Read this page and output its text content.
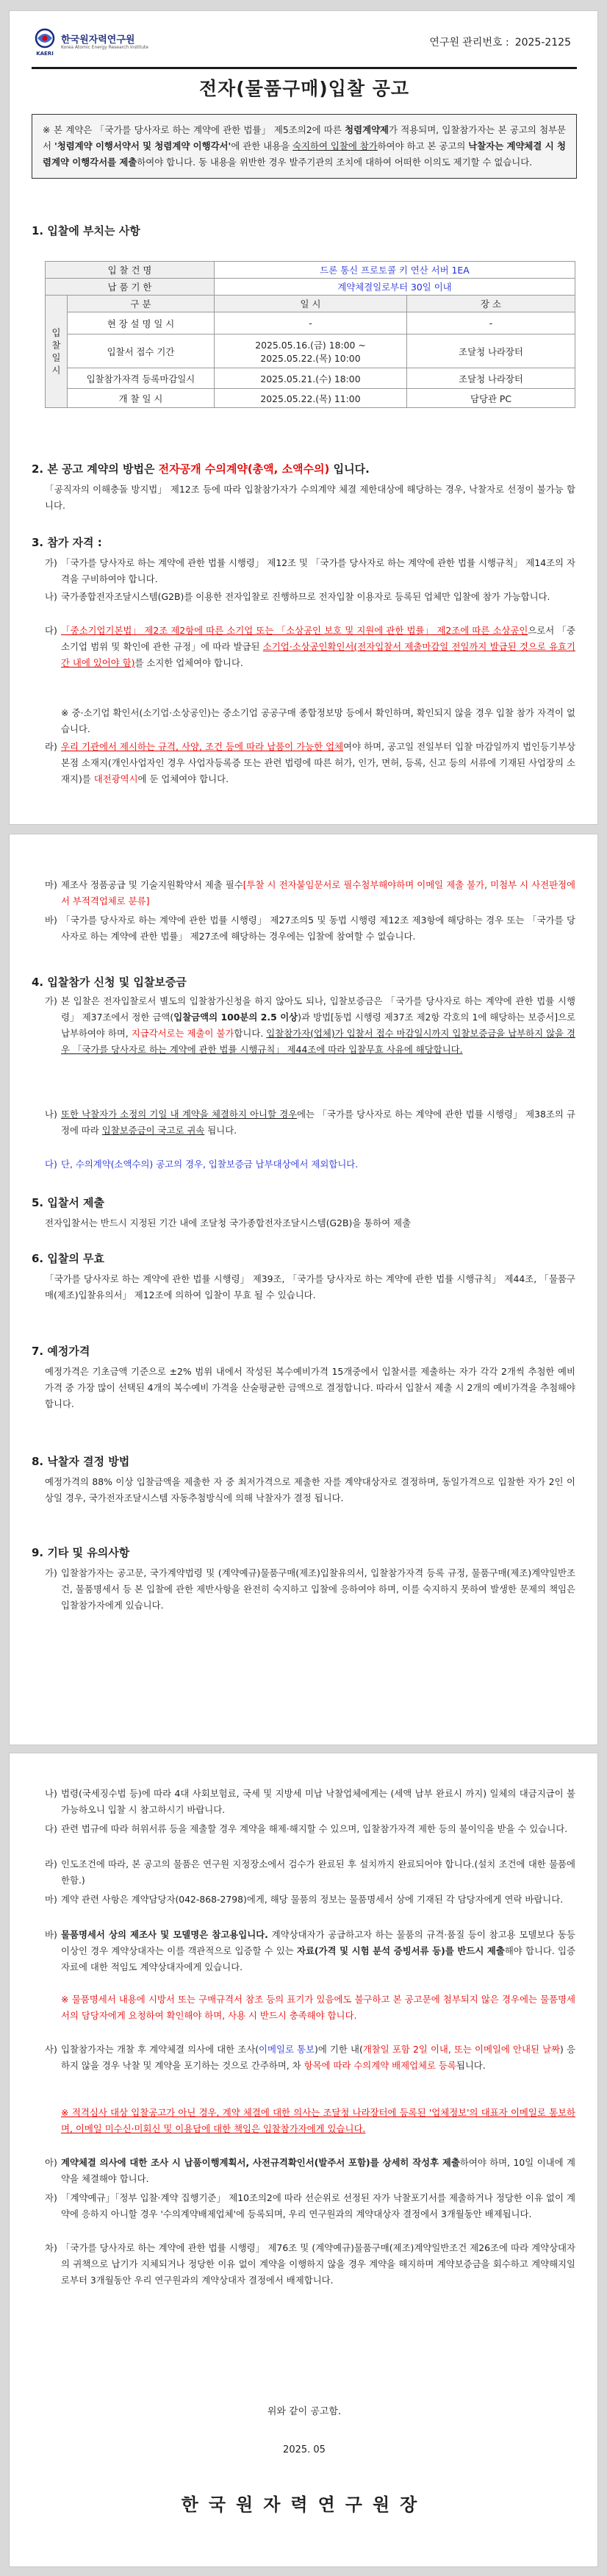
KAERI
한국원자력연구원
Korea Atomic Energy Research Institute	연구원 관리번호 : 2025-2125
전자(물품구매)입찰 공고
※ 본 계약은 「국가를 당사자로 하는 계약에 관한 법률」 제5조의2에 따른 청렴계약제가 적용되며, 입찰참가자는 본 공고의 첨부문서 '청렴계약 이행서약서 및 청렴계약 이행각서'에 관한 내용을 숙지하여 입찰에 참가하여야 하고 본 공고의 낙찰자는 계약체결 시 청렴계약 이행각서를 제출하여야 합니다. 동 내용을 위반한 경우 발주기관의 조치에 대하여 어떠한 이의도 제기할 수 없습니다.
1. 입찰에 부치는 사항
입 찰 건 명		드론 통신 프로토콜 키 연산 서버 1EA	
납 품 기 한		계약체결일로부터 30일 이내	

입찰일시	구 분	일 시	장 소
	현 장 설 명 일 시	-	-
	입찰서 접수 기간	2025.05.16.(금) 18:00 ~
2025.05.22.(목) 10:00	조달청 나라장터
	입찰참가자격 등록마감일시	2025.05.21.(수) 18:00	조달청 나라장터
	개 찰 일 시	2025.05.22.(목) 11:00	담당관 PC
2. 본 공고 계약의 방법은 전자공개 수의계약(총액, 소액수의) 입니다.
「공직자의 이해충돌 방지법」 제12조 등에 따라 입찰참가자가 수의계약 체결 제한대상에 해당하는 경우, 낙찰자로 선정이 불가능 합니다.
3. 참가 자격 :
가) 「국가를 당사자로 하는 계약에 관한 법률 시행령」 제12조 및 「국가를 당사자로 하는 계약에 관한 법률 시행규칙」 제14조의 자격을 구비하여야 합니다.
나) 국가종합전자조달시스템(G2B)를 이용한 전자입찰로 진행하므로 전자입찰 이용자로 등록된 업체만 입찰에 참가 가능합니다.
다) 「중소기업기본법」 제2조 제2항에 따른 소기업 또는 「소상공인 보호 및 지원에 관한 법률」 제2조에 따른 소상공인으로서 「중소기업 범위 및 확인에 관한 규정」에 따라 발급된 소기업·소상공인확인서(전자입찰서 제출마감일 전일까지 발급된 것으로 유효기간 내에 있어야 함)를 소지한 업체여야 합니다.
※ 중·소기업 확인서(소기업·소상공인)는 중소기업 공공구매 종합정보망 등에서 확인하며, 확인되지 않을 경우 입찰 참가 자격이 없습니다.
라) 우리 기관에서 제시하는 규격, 사양, 조건 등에 따라 납품이 가능한 업체여야 하며, 공고일 전일부터 입찰 마감일까지 법인등기부상 본점 소재지(개인사업자인 경우 사업자등록증 또는 관련 법령에 따른 허가, 인가, 면허, 등록, 신고 등의 서류에 기재된 사업장의 소재지)를 대전광역시에 둔 업체여야 합니다.
마) 제조사 정품공급 및 기술지원확약서 제출 필수[투찰 시 전자붙임문서로 필수첨부해야하며 이메일 제출 불가, 미첨부 시 사전판정에서 부적격업체로 분류]
바) 「국가를 당사자로 하는 계약에 관한 법률 시행령」 제27조의5 및 동법 시행령 제12조 제3항에 해당하는 경우 또는 「국가를 당사자로 하는 계약에 관한 법률」 제27조에 해당하는 경우에는 입찰에 참여할 수 없습니다.
4. 입찰참가 신청 및 입찰보증금
가) 본 입찰은 전자입찰로서 별도의 입찰참가신청을 하지 않아도 되나, 입찰보증금은 「국가를 당사자로 하는 계약에 관한 법률 시행령」 제37조에서 정한 금액(입찰금액의 100분의 2.5 이상)과 방법[동법 시행령 제37조 제2항 각호의 1에 해당하는 보증서]으로 납부하여야 하며, 지급각서로는 제출이 불가합니다. 입찰참가자(업체)가 입찰서 접수 마감일시까지 입찰보증금을 납부하지 않을 경우 「국가를 당사자로 하는 계약에 관한 법률 시행규칙」 제44조에 따라 입찰무효 사유에 해당합니다.
나) 또한 낙찰자가 소정의 기일 내 계약을 체결하지 아니할 경우에는 「국가를 당사자로 하는 계약에 관한 법률 시행령」 제38조의 규정에 따라 입찰보증금이 국고로 귀속 됩니다.
다) 단, 수의계약(소액수의) 공고의 경우, 입찰보증금 납부대상에서 제외합니다.
5. 입찰서 제출
전자입찰서는 반드시 지정된 기간 내에 조달청 국가종합전자조달시스템(G2B)을 통하여 제출
6. 입찰의 무효
「국가를 당사자로 하는 계약에 관한 법률 시행령」 제39조, 「국가를 당사자로 하는 계약에 관한 법률 시행규칙」 제44조, 「물품구매(제조)입찰유의서」 제12조에 의하여 입찰이 무효 될 수 있습니다.
7. 예정가격
예정가격은 기초금액 기준으로 ±2% 범위 내에서 작성된 복수예비가격 15개중에서 입찰서를 제출하는 자가 각각 2개씩 추첨한 예비가격 중 가장 많이 선택된 4개의 복수예비 가격을 산술평균한 금액으로 결정합니다. 따라서 입찰서 제출 시 2개의 예비가격을 추첨해야 합니다.
8. 낙찰자 결정 방법
예정가격의 88% 이상 입찰금액을 제출한 자 중 최저가격으로 제출한 자를 계약대상자로 결정하며, 동일가격으로 입찰한 자가 2인 이상일 경우, 국가전자조달시스템 자동추첨방식에 의해 낙찰자가 결정 됩니다.
9. 기타 및 유의사항
가) 입찰참가자는 공고문, 국가계약법령 및 (계약예규)물품구매(제조)입찰유의서, 입찰참가자격 등록 규정, 물품구매(제조)계약일반조건, 물품명세서 등 본 입찰에 관한 제반사항을 완전히 숙지하고 입찰에 응하여야 하며, 이를 숙지하지 못하여 발생한 문제의 책임은 입찰참가자에게 있습니다.
나) 법령(국세징수법 등)에 따라 4대 사회보험료, 국세 및 지방세 미납 낙찰업체에게는 (세액 납부 완료시 까지) 일체의 대금지급이 불가능하오니 입찰 시 참고하시기 바랍니다.
다) 관련 법규에 따라 허위서류 등을 제출할 경우 계약을 해제·해지할 수 있으며, 입찰참가자격 제한 등의 불이익을 받을 수 있습니다.
라) 인도조건에 따라, 본 공고의 물품은 연구원 지정장소에서 검수가 완료된 후 설치까지 완료되어야 합니다.(설치 조건에 대한 물품에 한함.)
마) 계약 관련 사항은 계약담당자(042-868-2798)에게, 해당 물품의 정보는 물품명세서 상에 기재된 각 담당자에게 연락 바랍니다.
바) 물품명세서 상의 제조사 및 모델명은 참고용입니다. 계약상대자가 공급하고자 하는 물품의 규격·품질 등이 참고용 모델보다 동등 이상인 경우 계약상대자는 이를 객관적으로 입증할 수 있는 자료(가격 및 시험 분석 증빙서류 등)를 반드시 제출해야 합니다. 입증자료에 대한 적임도 계약상대자에게 있습니다.
※ 물품명세서 내용에 시방서 또는 구매규격서 참조 등의 표기가 있음에도 불구하고 본 공고문에 첨부되지 않은 경우에는 물품명세서의 담당자에게 요청하여 확인해야 하며, 사용 시 반드시 충족해야 합니다.
사) 입찰참가자는 개찰 후 계약체결 의사에 대한 조사(이메일로 통보)에 기한 내(개찰일 포함 2일 이내, 또는 이메일에 안내된 날짜) 응하지 않을 경우 낙찰 및 계약을 포기하는 것으로 간주하며, 차 항목에 따라 수의계약 배제업체로 등록됩니다.
※ 적격심사 대상 입찰공고가 아닌 경우, 계약 체결에 대한 의사는 조달청 나라장터에 등록된 '업체정보'의 대표자 이메일로 통보하며, 이메일 미수신·미회신 및 이용답에 대한 책임은 입찰참가자에게 있습니다.
아) 계약체결 의사에 대한 조사 시 납품이행계획서, 사전규격확인서(발주서 포함)를 상세히 작성후 제출하여야 하며, 10일 이내에 계약을 체결해야 합니다.
자) 「계약예규」「정부 입찰·계약 집행기준」 제10조의2에 따라 선순위로 선정된 자가 낙찰포기서를 제출하거나 정당한 이유 없이 계약에 응하지 아니할 경우 '수의계약배제업체'에 등록되며, 우리 연구원과의 계약대상자 결정에서 3개월동안 배제됩니다.
차) 「국가를 당사자로 하는 계약에 관한 법률 시행령」 제76조 및 (계약예규)물품구매(제조)계약일반조건 제26조에 따라 계약상대자의 귀책으로 납기가 지체되거나 정당한 이유 없이 계약을 이행하지 않을 경우 계약을 해지하며 계약보증금을 회수하고 계약해지일로부터 3개월동안 우리 연구원과의 계약상대자 결정에서 배제합니다.
위와 같이 공고함.
2025. 05
한국원자력연구원장
